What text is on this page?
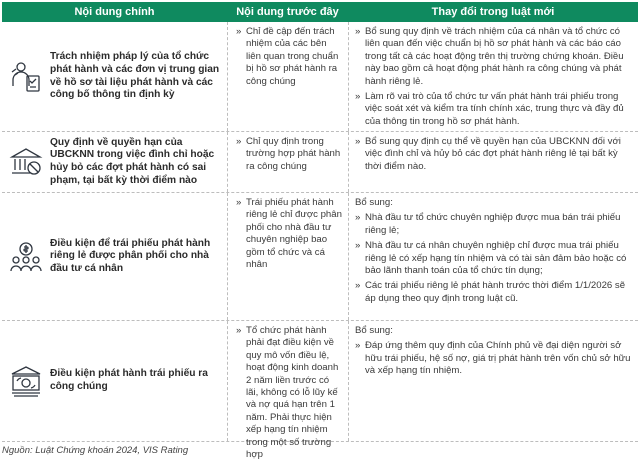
Nội dung chính	Nội dung trước đây	Thay đổi trong luật mới
Trách nhiệm pháp lý của tổ chức phát hành và các đơn vị trung gian về hồ sơ tài liệu phát hành và các công bố thông tin định kỳ
» Chỉ đề cập đến trách nhiệm của các bên liên quan trong chuẩn bị hồ sơ phát hành ra công chúng
» Bổ sung quy định về trách nhiệm của cá nhân và tổ chức có liên quan đến việc chuẩn bị hồ sơ phát hành và các báo cáo trong tất cả các hoạt động trên thị trường chứng khoán. Điều này bao gồm cả hoạt động phát hành ra công chúng và phát hành riêng lẻ.
» Làm rõ vai trò của tổ chức tư vấn phát hành trái phiếu trong việc soát xét và kiểm tra tính chính xác, trung thực và đầy đủ của thông tin trong hồ sơ phát hành.
Quy định về quyền hạn của UBCKNN trong việc đình chỉ hoặc hủy bỏ các đợt phát hành có sai phạm, tại bất kỳ thời điểm nào
» Chỉ quy định trong trường hợp phát hành ra công chúng
» Bổ sung quy định cụ thể về quyền hạn của UBCKNN đối với việc đình chỉ và hủy bỏ các đợt phát hành riêng lẻ tại bất kỳ thời điểm nào.
Điều kiện để trái phiếu phát hành riêng lẻ được phân phối cho nhà đầu tư cá nhân
» Trái phiếu phát hành riêng lẻ chỉ được phân phối cho nhà đầu tư chuyên nghiệp bao gồm tổ chức và cá nhân
Bổ sung:
» Nhà đầu tư tổ chức chuyên nghiệp được mua bán trái phiếu riêng lẻ;
» Nhà đầu tư cá nhân chuyên nghiệp chỉ được mua trái phiếu riêng lẻ có xếp hạng tín nhiệm và có tài sản đảm bảo hoặc có bảo lãnh thanh toán của tổ chức tín dụng;
» Các trái phiếu riêng lẻ phát hành trước thời điểm 1/1/2026 sẽ áp dụng theo quy định trong luật cũ.
Điều kiện phát hành trái phiếu ra công chúng
» Tổ chức phát hành phải đạt điều kiện về quy mô vốn điều lệ, hoạt động kinh doanh 2 năm liền trước có lãi, không có lỗ lũy kế và nợ quá hạn trên 1 năm. Phải thực hiện xếp hạng tín nhiệm trong một số trường hợp
Bổ sung:
» Đáp ứng thêm quy định của Chính phủ về đại diện người sở hữu trái phiếu, hệ số nợ, giá trị phát hành trên vốn chủ sở hữu và xếp hạng tín nhiệm.
Nguồn: Luật Chứng khoán 2024, VIS Rating
